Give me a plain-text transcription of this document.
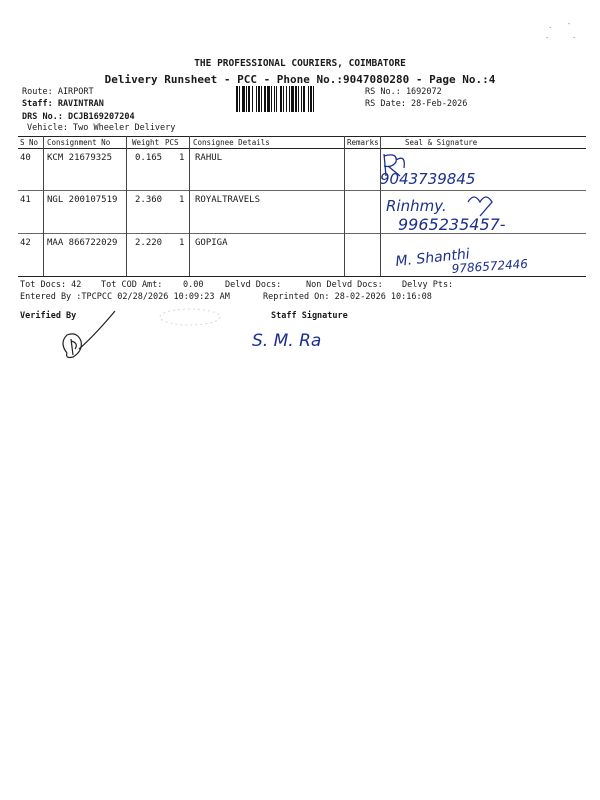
· -
-	·
THE PROFESSIONAL COURIERS, COIMBATORE
Delivery Runsheet - PCC - Phone No.:9047080280 - Page No.:4
Route: AIRPORT
Staff: RAVINTRAN
DRS No.: DCJB169207204
Vehicle: Two Wheeler Delivery
RS No.: 1692072
RS Date: 28-Feb-2026
S No Consignment No	Weight PCS Consignee Details	Remarks	Seal & Signature
40 KCM 21679325	0.165 1 RAHUL
41 NGL 200107519 2.360 1 ROYALTRAVELS
42 MAA 866722029 2.220 1 GOPIGA
9043739845
Rinhmy.
9965235457-
M. Shanthi
9786572446
Tot Docs: 42 Tot COD Amt: 0.00	Delvd Docs:	Non Delvd Docs: Delvy Pts:
Entered By :TPCPCC 02/28/2026 10:09:23 AM	Reprinted On: 28-02-2026 10:16:08
Verified By	Staff Signature
S. M. Ra
